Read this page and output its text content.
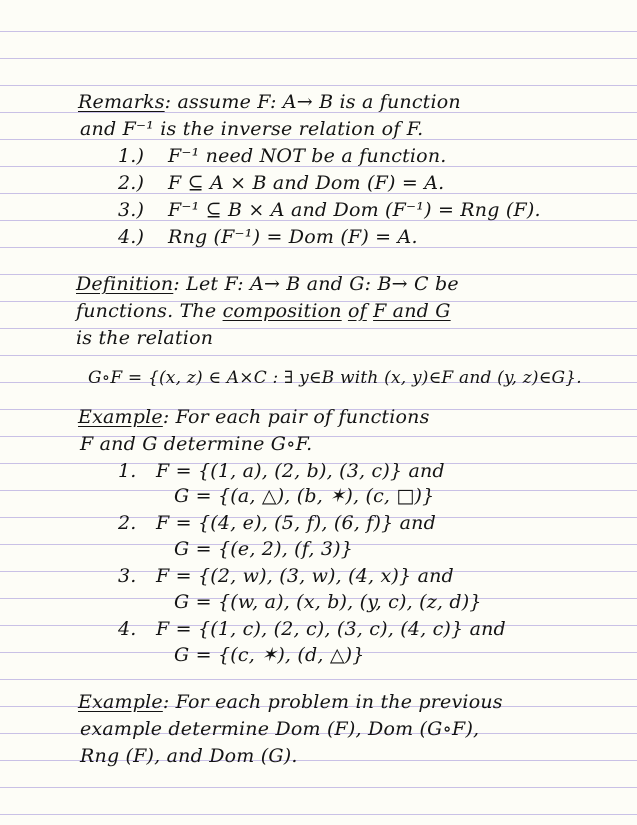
Remarks: assume F: A→ B is a function
and F⁻¹ is the inverse relation of F.
1.) F⁻¹ need NOT be a function.
2.) F ⊆ A × B and Dom (F) = A.
3.) F⁻¹ ⊆ B × A and Dom (F⁻¹) = Rng (F).
4.) Rng (F⁻¹) = Dom (F) = A.
Definition: Let F: A→ B and G: B→ C be
functions. The composition of F and G
is the relation
G∘F = {(x, z) ∈ A×C : ∃ y∈B with (x, y)∈F and (y, z)∈G}.
Example: For each pair of functions
F and G determine G∘F.
1. F = {(1, a), (2, b), (3, c)} and
G = {(a, △), (b, ✶), (c, □)}
2. F = {(4, e), (5, f), (6, f)} and
G = {(e, 2), (f, 3)}
3. F = {(2, w), (3, w), (4, x)} and
G = {(w, a), (x, b), (y, c), (z, d)}
4. F = {(1, c), (2, c), (3, c), (4, c)} and
G = {(c, ✶), (d, △)}
Example: For each problem in the previous
example determine Dom (F), Dom (G∘F),
Rng (F), and Dom (G).
